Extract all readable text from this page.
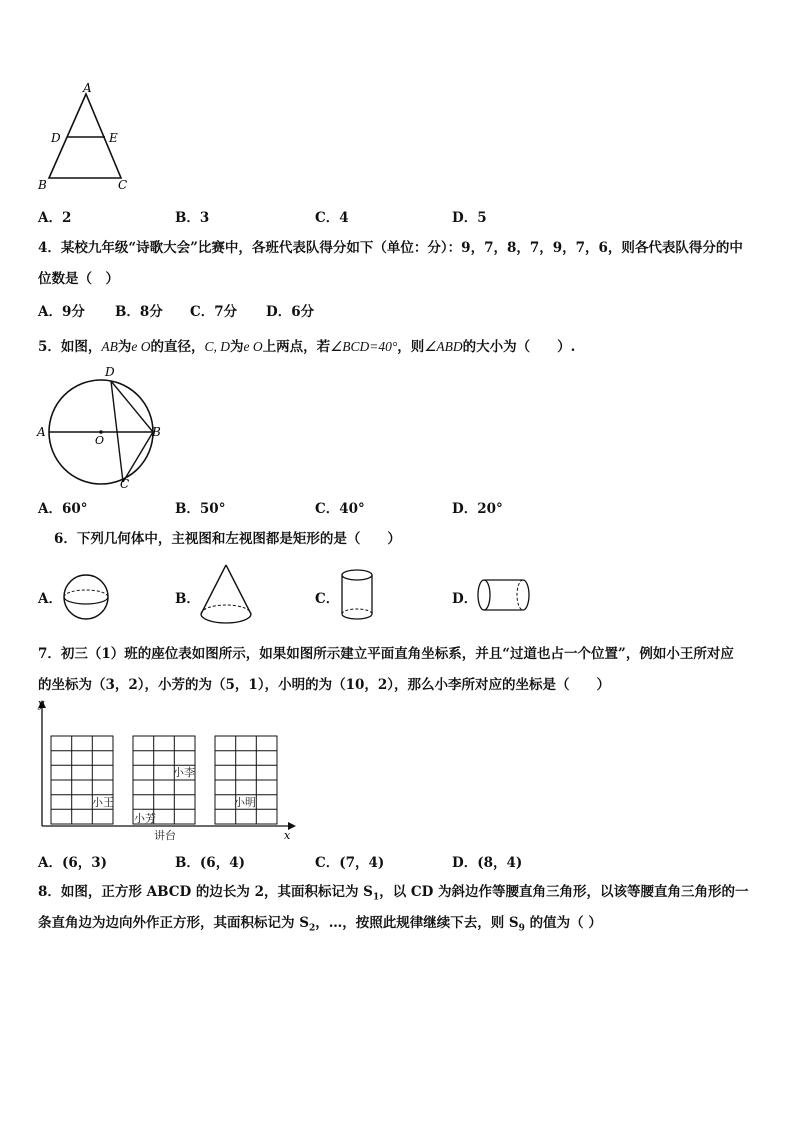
A
D	E
B	C
A．2	B．3	C．4	D．5
4．某校九年级“诗歌大会”比赛中，各班代表队得分如下（单位：分）：9，7，8，7，9，7，6，则各代表队得分的中
位数是（　）
A．9分 B．8分 C．7分 D．6分
5．如图，AB为e O的直径，C, D为e O上两点，若∠BCD=40°，则∠ABD的大小为（　　）.
D
A	B
O
C
A．60°	B．50°	C．40°	D．20°
6．下列几何体中，主视图和左视图都是矩形的是（　　）
A．	B．	C．	D．
7．初三（1）班的座位表如图所示，如果如图所示建立平面直角坐标系，并且“过道也占一个位置”，例如小王所对应
的坐标为（3，2），小芳的为（5，1），小明的为（10，2），那么小李所对应的坐标是（　　）
y
x
小李
小王	小明
小芳
讲台
A．(6，3)	B．(6，4)	C．(7，4)	D．(8，4)
8．如图，正方形 ABCD 的边长为 2，其面积标记为 $S_1$，以 CD 为斜边作等腰直角三角形，以该等腰直角三角形的一
条直角边为边向外作正方形，其面积标记为 $S_2$，…，按照此规律继续下去，则 $S_9$ 的值为（ ）
